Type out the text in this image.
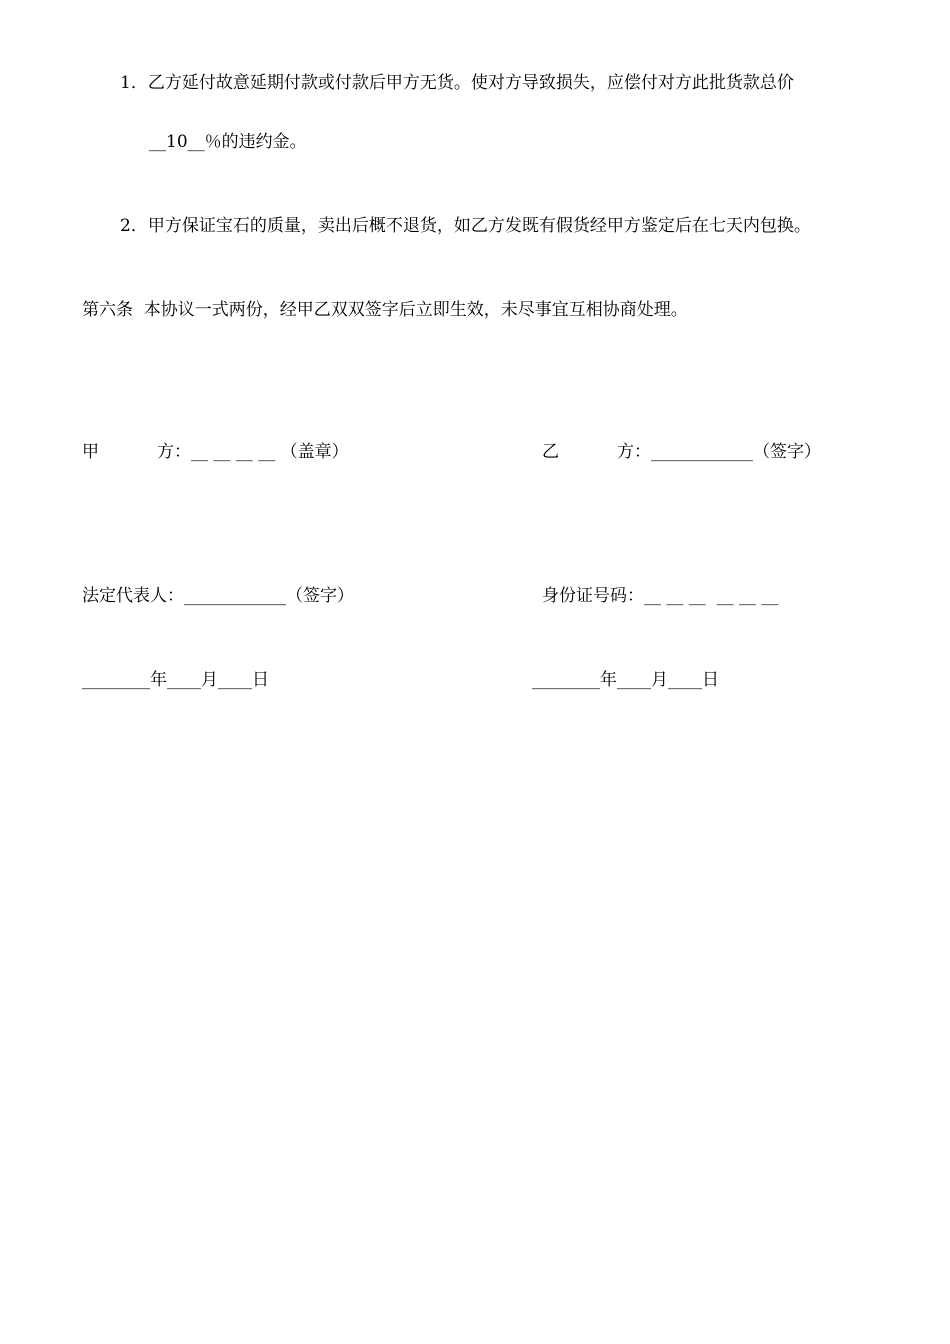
1．乙方延付故意延期付款或付款后甲方无货。使对方导致损失，应偿付对方此批货款总价
__10__％的违约金。
2．甲方保证宝石的质量，卖出后概不退货，如乙方发既有假货经甲方鉴定后在七天内包换。
第六条  本协议一式两份，经甲乙双双签字后立即生效，未尽事宜互相协商处理。
甲	方：__ __ __ __ （盖章）	乙	方：____________（签字）
法定代表人：____________（签字）	身份证号码：__ __ __  __ __ __
________年____月____日	________年____月____日
